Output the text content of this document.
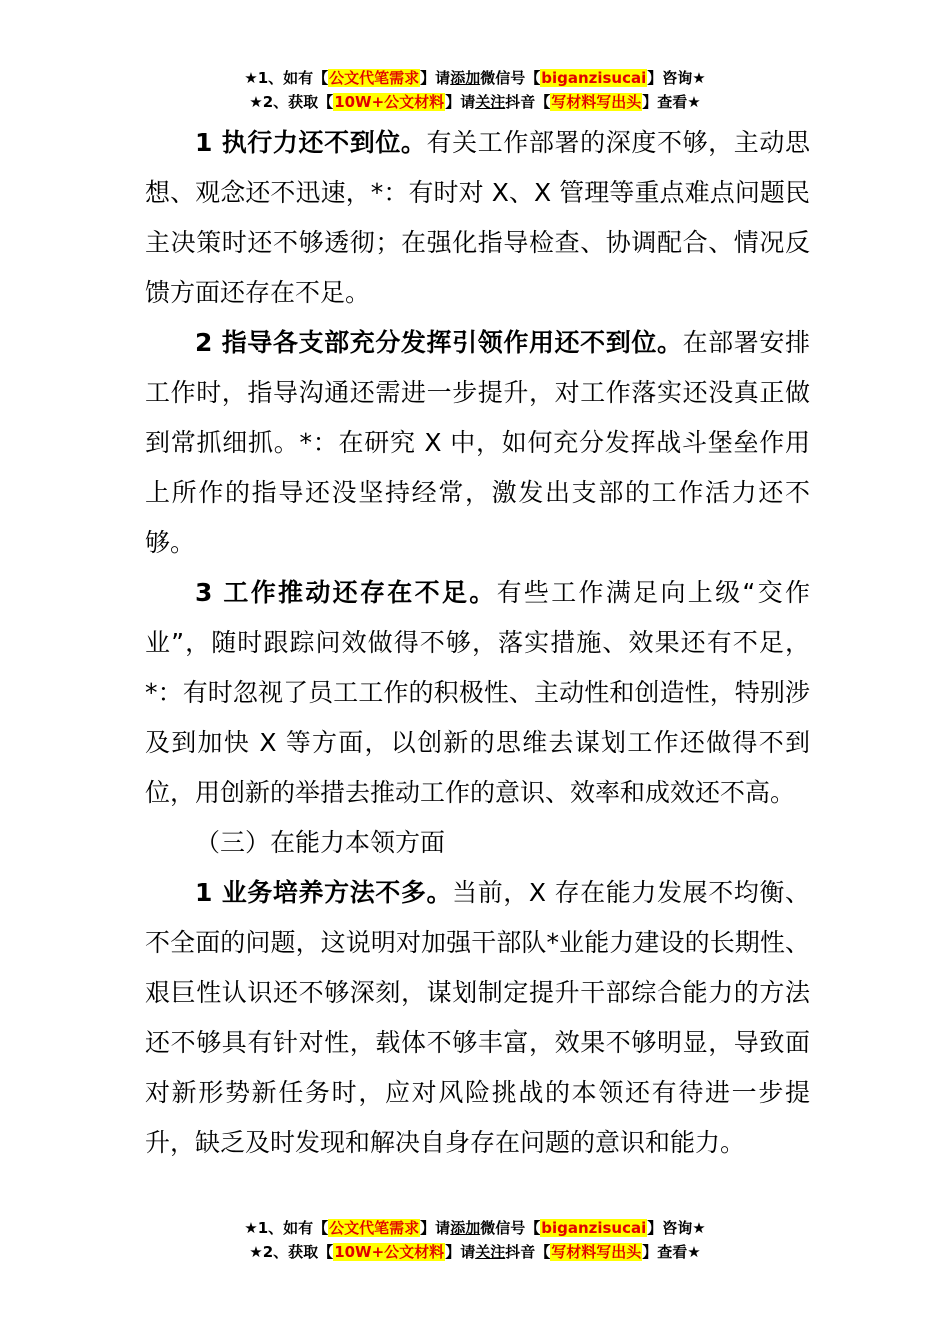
★1、如有【公文代笔需求】请添加微信号【biganzisucai】咨询★
★2、获取【10W+公文材料】请关注抖音【写材料写出头】查看★

1 执行力还不到位。有关工作部署的深度不够，主动思想、观念还不迅速，*：有时对 X、X 管理等重点难点问题民主决策时还不够透彻；在强化指导检查、协调配合、情况反馈方面还存在不足。

2 指导各支部充分发挥引领作用还不到位。在部署安排工作时，指导沟通还需进一步提升，对工作落实还没真正做到常抓细抓。*：在研究 X 中，如何充分发挥战斗堡垒作用上所作的指导还没坚持经常，激发出支部的工作活力还不够。

3 工作推动还存在不足。有些工作满足向上级“交作业”，随时跟踪问效做得不够，落实措施、效果还有不足，*：有时忽视了员工工作的积极性、主动性和创造性，特别涉及到加快 X 等方面，以创新的思维去谋划工作还做得不到位，用创新的举措去推动工作的意识、效率和成效还不高。

（三）在能力本领方面

1 业务培养方法不多。当前，X 存在能力发展不均衡、不全面的问题，这说明对加强干部队*业能力建设的长期性、艰巨性认识还不够深刻，谋划制定提升干部综合能力的方法还不够具有针对性，载体不够丰富，效果不够明显，导致面对新形势新任务时，应对风险挑战的本领还有待进一步提升，缺乏及时发现和解决自身存在问题的意识和能力。

★1、如有【公文代笔需求】请添加微信号【biganzisucai】咨询★
★2、获取【10W+公文材料】请关注抖音【写材料写出头】查看★
